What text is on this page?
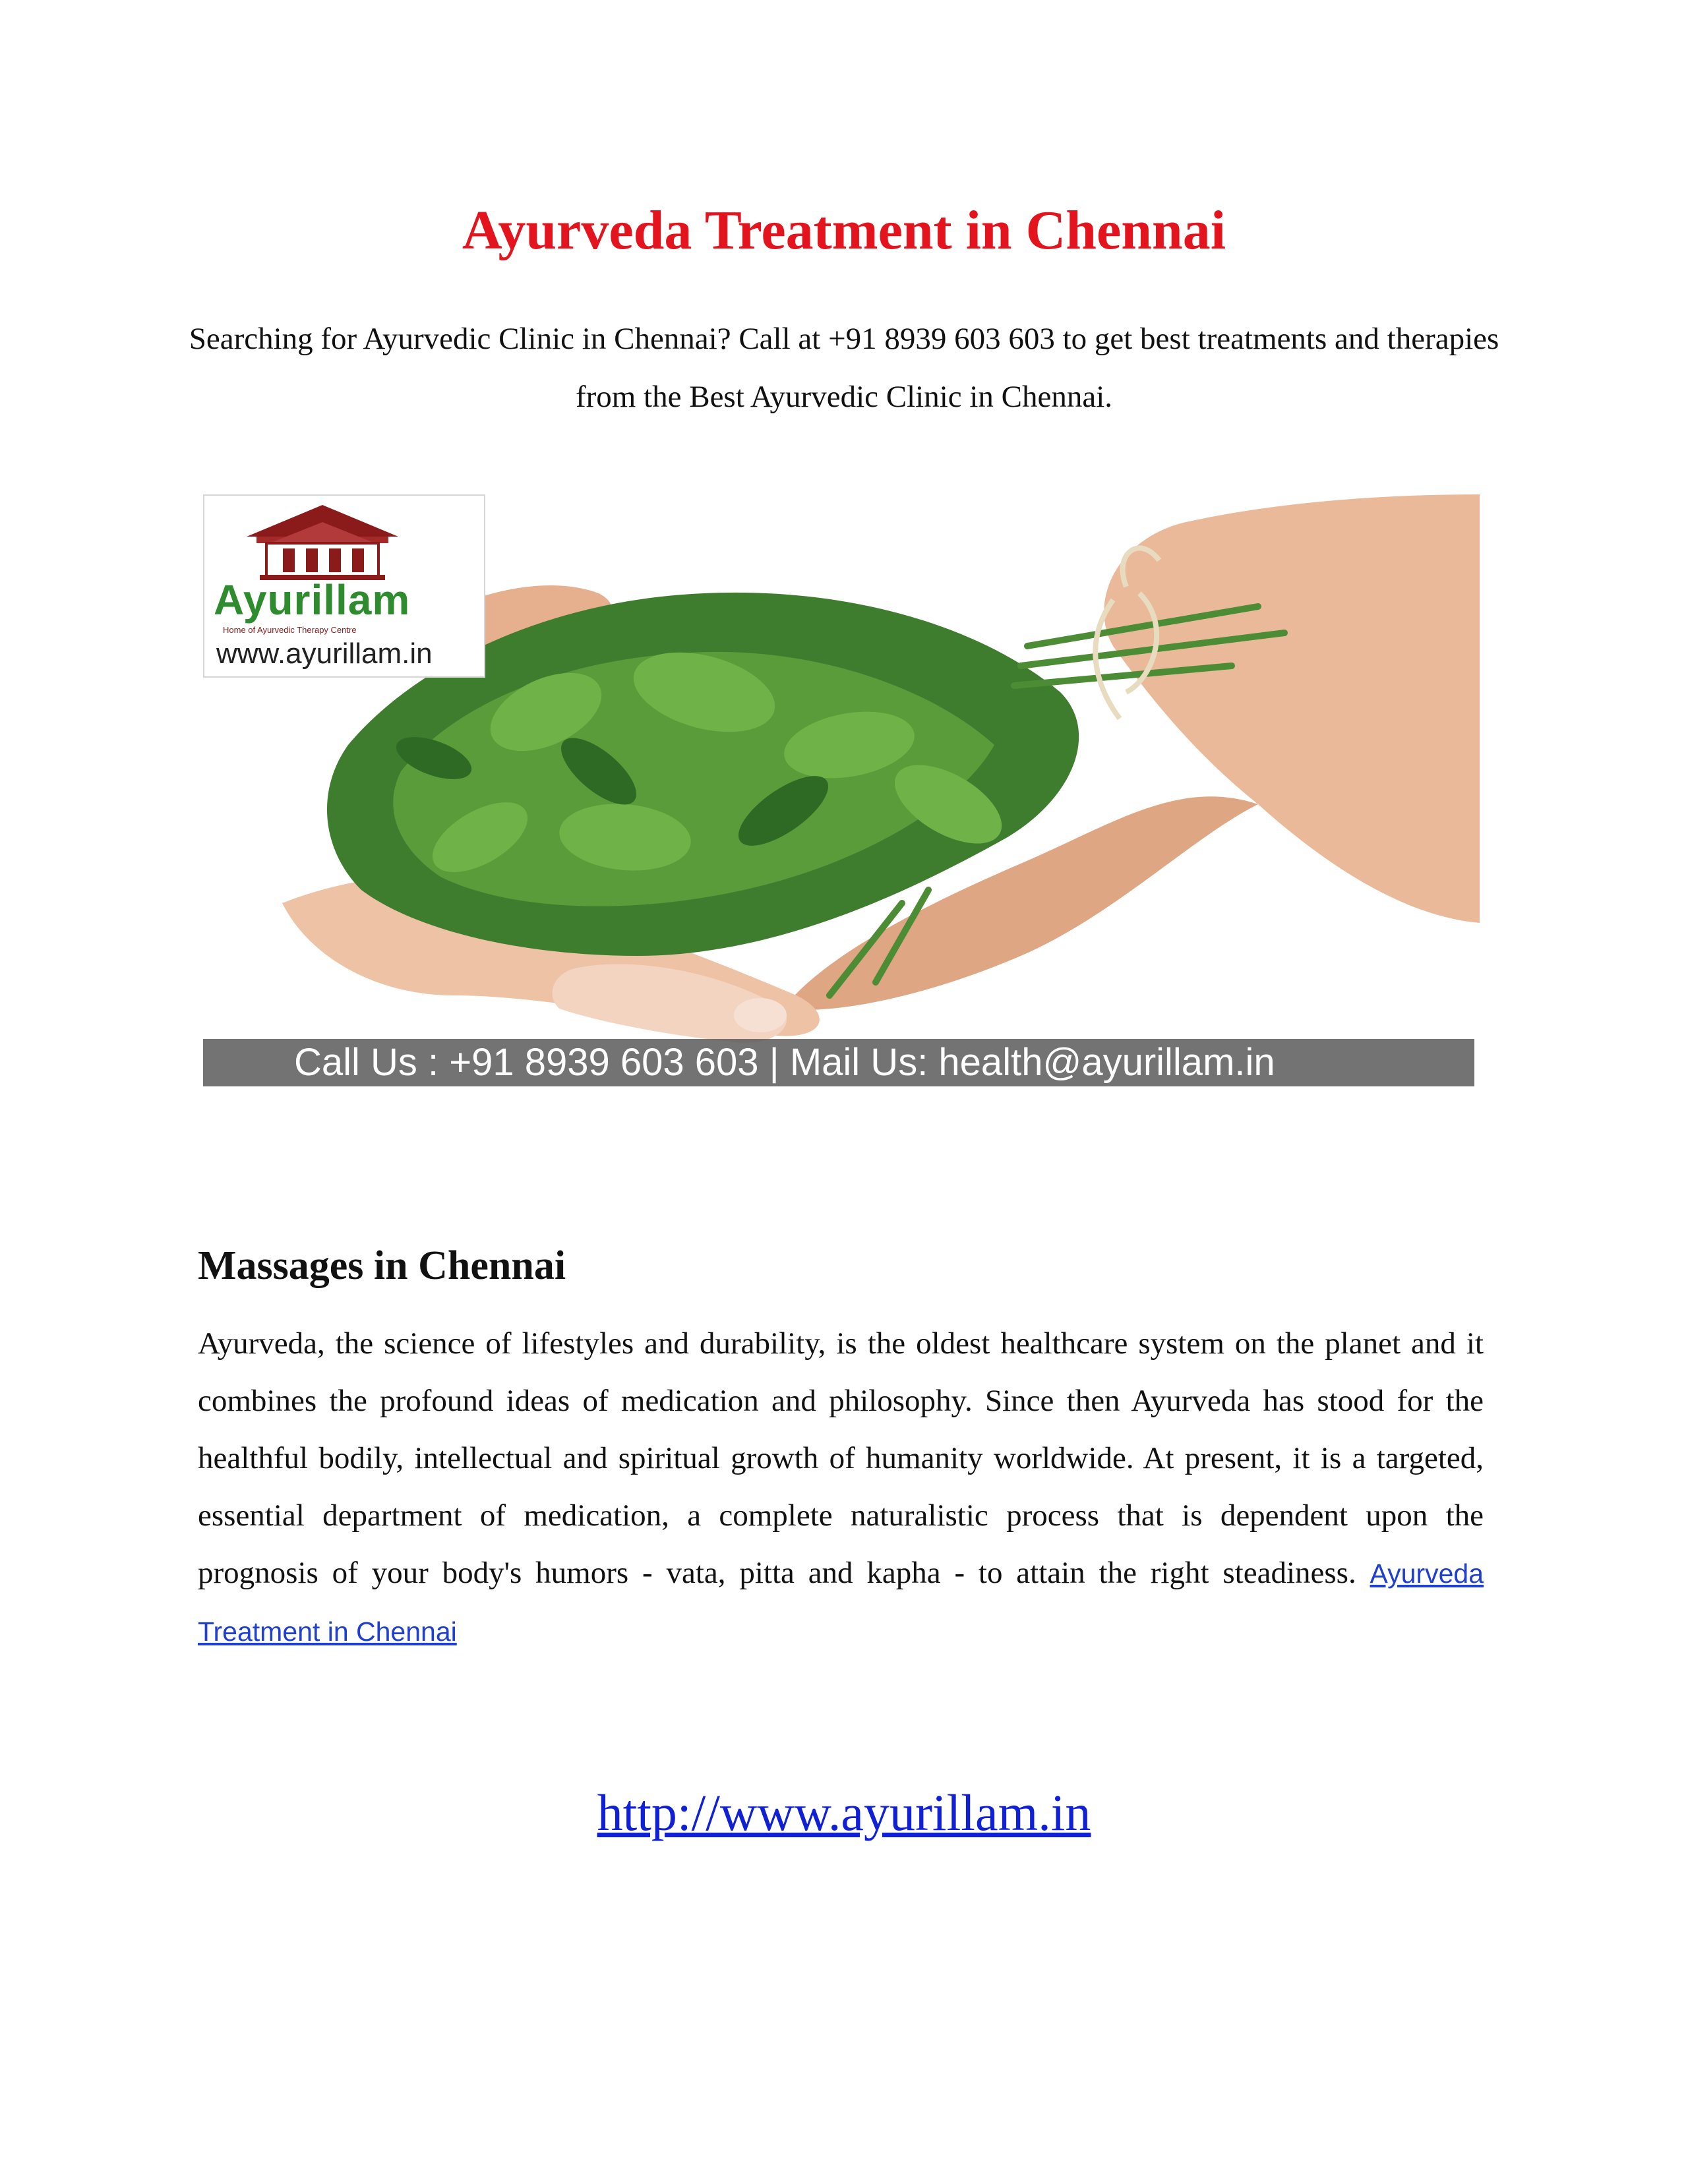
Ayurveda Treatment in Chennai

Searching for Ayurvedic Clinic in Chennai? Call at +91 8939 603 603 to get best treatments and therapies from the Best Ayurvedic Clinic in Chennai.

Ayurillam
Home of Ayurvedic Therapy Centre
www.ayurillam.in
Call Us : +91 8939 603 603 | Mail Us: health@ayurillam.in
Massages in Chennai

Ayurveda, the science of lifestyles and durability, is the oldest healthcare system on the planet and it combines the profound ideas of medication and philosophy. Since then Ayurveda has stood for the healthful bodily, intellectual and spiritual growth of humanity worldwide. At present, it is a targeted, essential department of medication, a complete naturalistic process that is dependent upon the prognosis of your body's humors - vata, pitta and kapha - to attain the right steadiness. Ayurveda Treatment in Chennai

http://www.ayurillam.in
